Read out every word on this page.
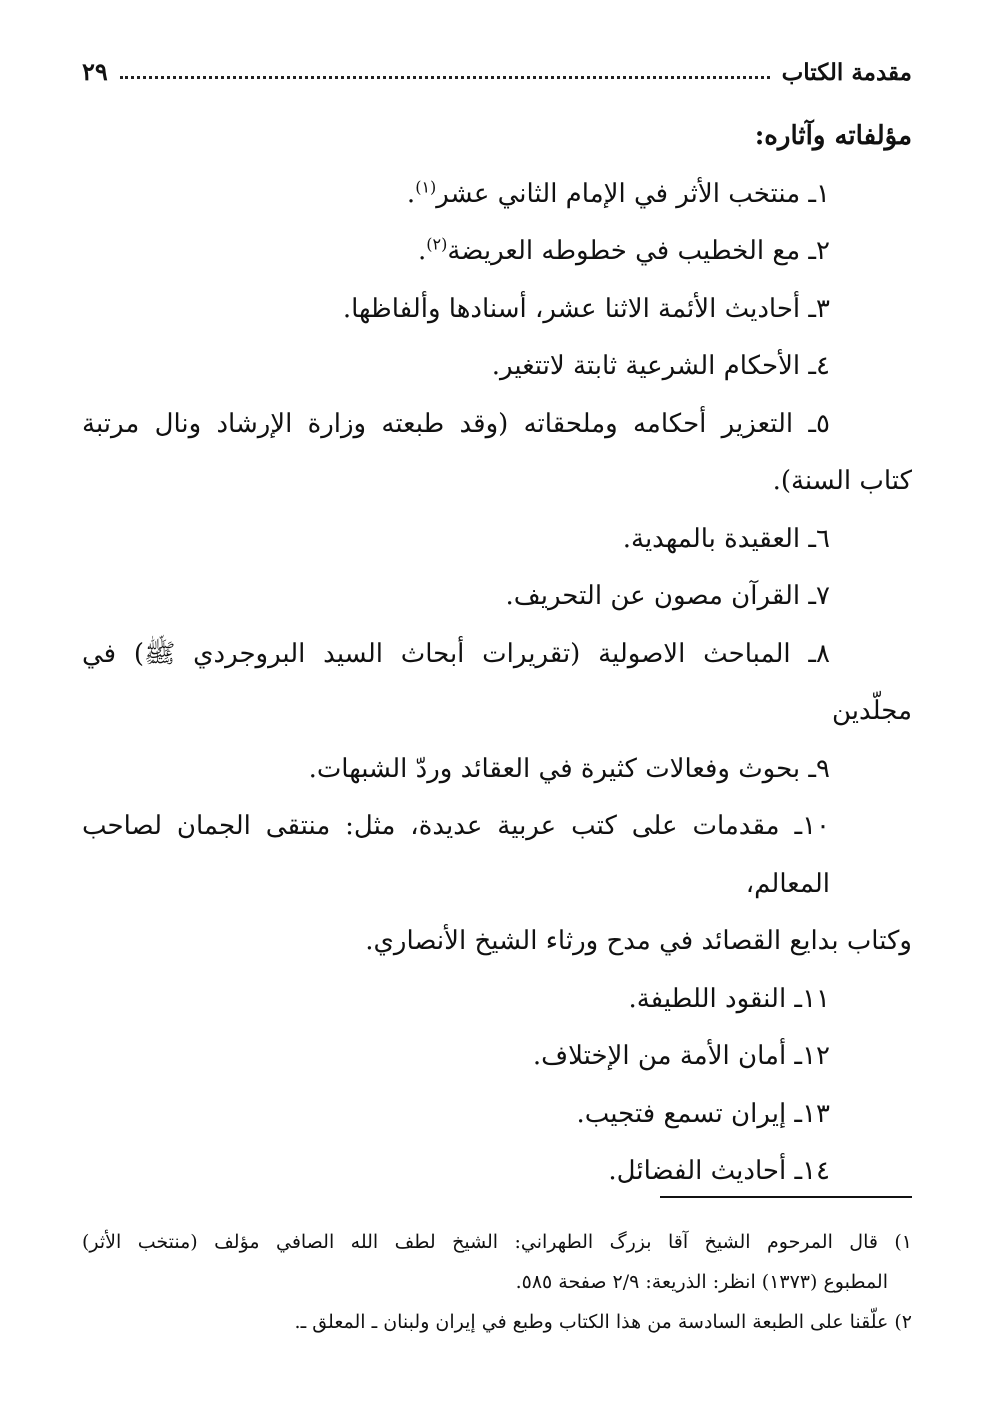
مقدمة الكتاب
٢٩
مؤلفاته وآثاره:
١ـ منتخب الأثر في الإمام الثاني عشر$^{(١)}$.
٢ـ مع الخطيب في خطوطه العريضة$^{(٢)}$.
٣ـ أحاديث الأئمة الاثنا عشر، أسنادها وألفاظها.
٤ـ الأحكام الشرعية ثابتة لاتتغير.
٥ـ التعزير أحكامه وملحقاته (وقد طبعته وزارة الإرشاد ونال مرتبة
كتاب السنة).
٦ـ العقيدة بالمهدية.
٧ـ القرآن مصون عن التحريف.
٨ـ المباحث الاصولية (تقريرات أبحاث السيد البروجردي ﷺ) في
مجلّدين
٩ـ بحوث وفعالات كثيرة في العقائد وردّ الشبهات.
١٠ـ مقدمات على كتب عربية عديدة، مثل: منتقى الجمان لصاحب المعالم،
وكتاب بدايع القصائد في مدح ورثاء الشيخ الأنصاري.
١١ـ النقود اللطيفة.
١٢ـ أمان الأمة من الإختلاف.
١٣ـ إيران تسمع فتجيب.
١٤ـ أحاديث الفضائل.
١) قال المرحوم الشيخ آقا بزرگ الطهراني: الشيخ لطف الله الصافي مؤلف (منتخب الأثر)
المطبوع (١٣٧٣) انظر: الذريعة: ٢/٩ صفحة ٥٨٥.
٢) علّقنا على الطبعة السادسة من هذا الكتاب وطبع في إيران ولبنان ـ المعلق ـ.
